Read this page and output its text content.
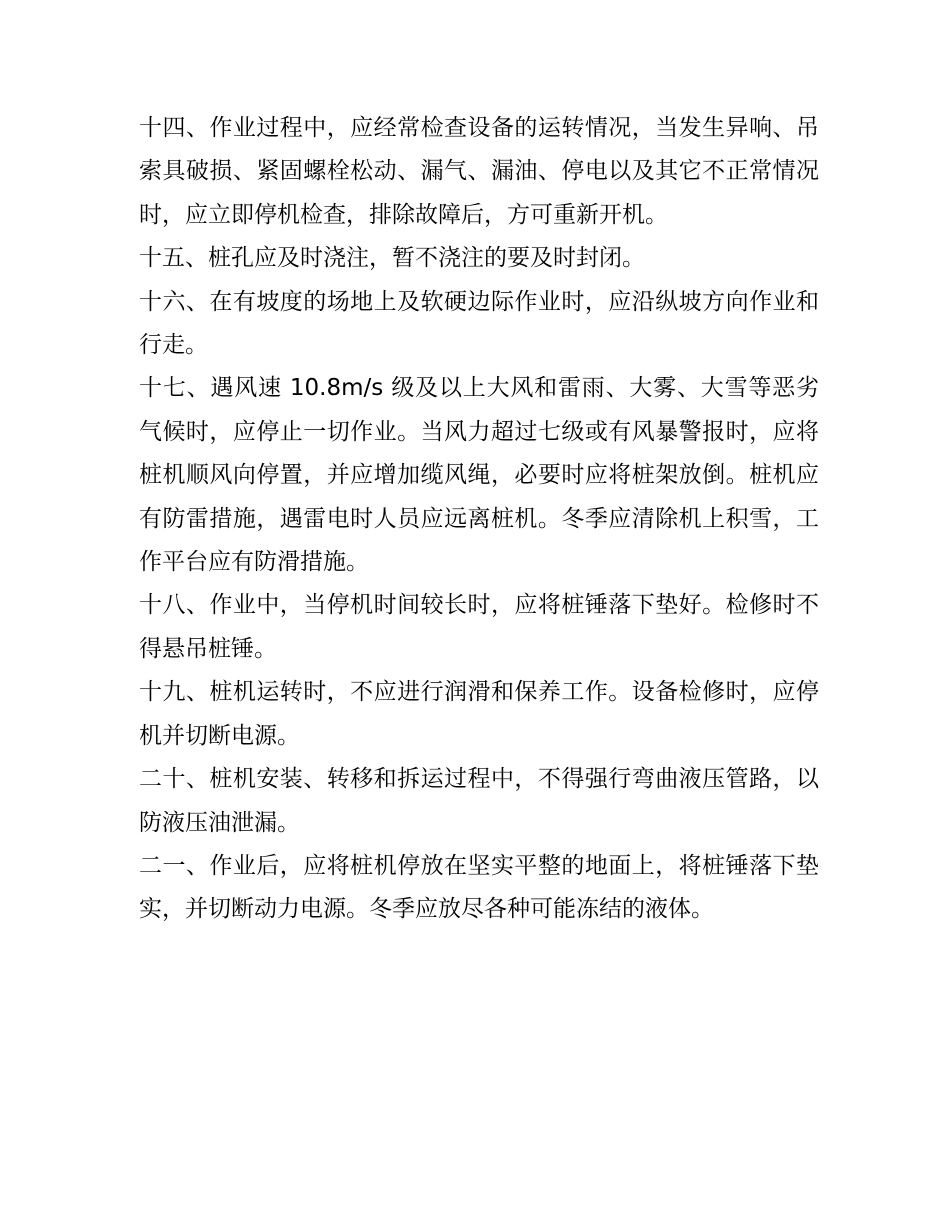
十四、作业过程中，应经常检查设备的运转情况，当发生异响、吊索具破损、紧固螺栓松动、漏气、漏油、停电以及其它不正常情况时，应立即停机检查，排除故障后，方可重新开机。

十五、桩孔应及时浇注，暂不浇注的要及时封闭。

十六、在有坡度的场地上及软硬边际作业时，应沿纵坡方向作业和行走。

十七、遇风速 10.8m/s 级及以上大风和雷雨、大雾、大雪等恶劣气候时，应停止一切作业。当风力超过七级或有风暴警报时，应将桩机顺风向停置，并应增加缆风绳，必要时应将桩架放倒。桩机应有防雷措施，遇雷电时人员应远离桩机。冬季应清除机上积雪，工作平台应有防滑措施。

十八、作业中，当停机时间较长时，应将桩锤落下垫好。检修时不得悬吊桩锤。

十九、桩机运转时，不应进行润滑和保养工作。设备检修时，应停机并切断电源。

二十、桩机安装、转移和拆运过程中，不得强行弯曲液压管路，以防液压油泄漏。

二一、作业后，应将桩机停放在坚实平整的地面上，将桩锤落下垫实，并切断动力电源。冬季应放尽各种可能冻结的液体。
